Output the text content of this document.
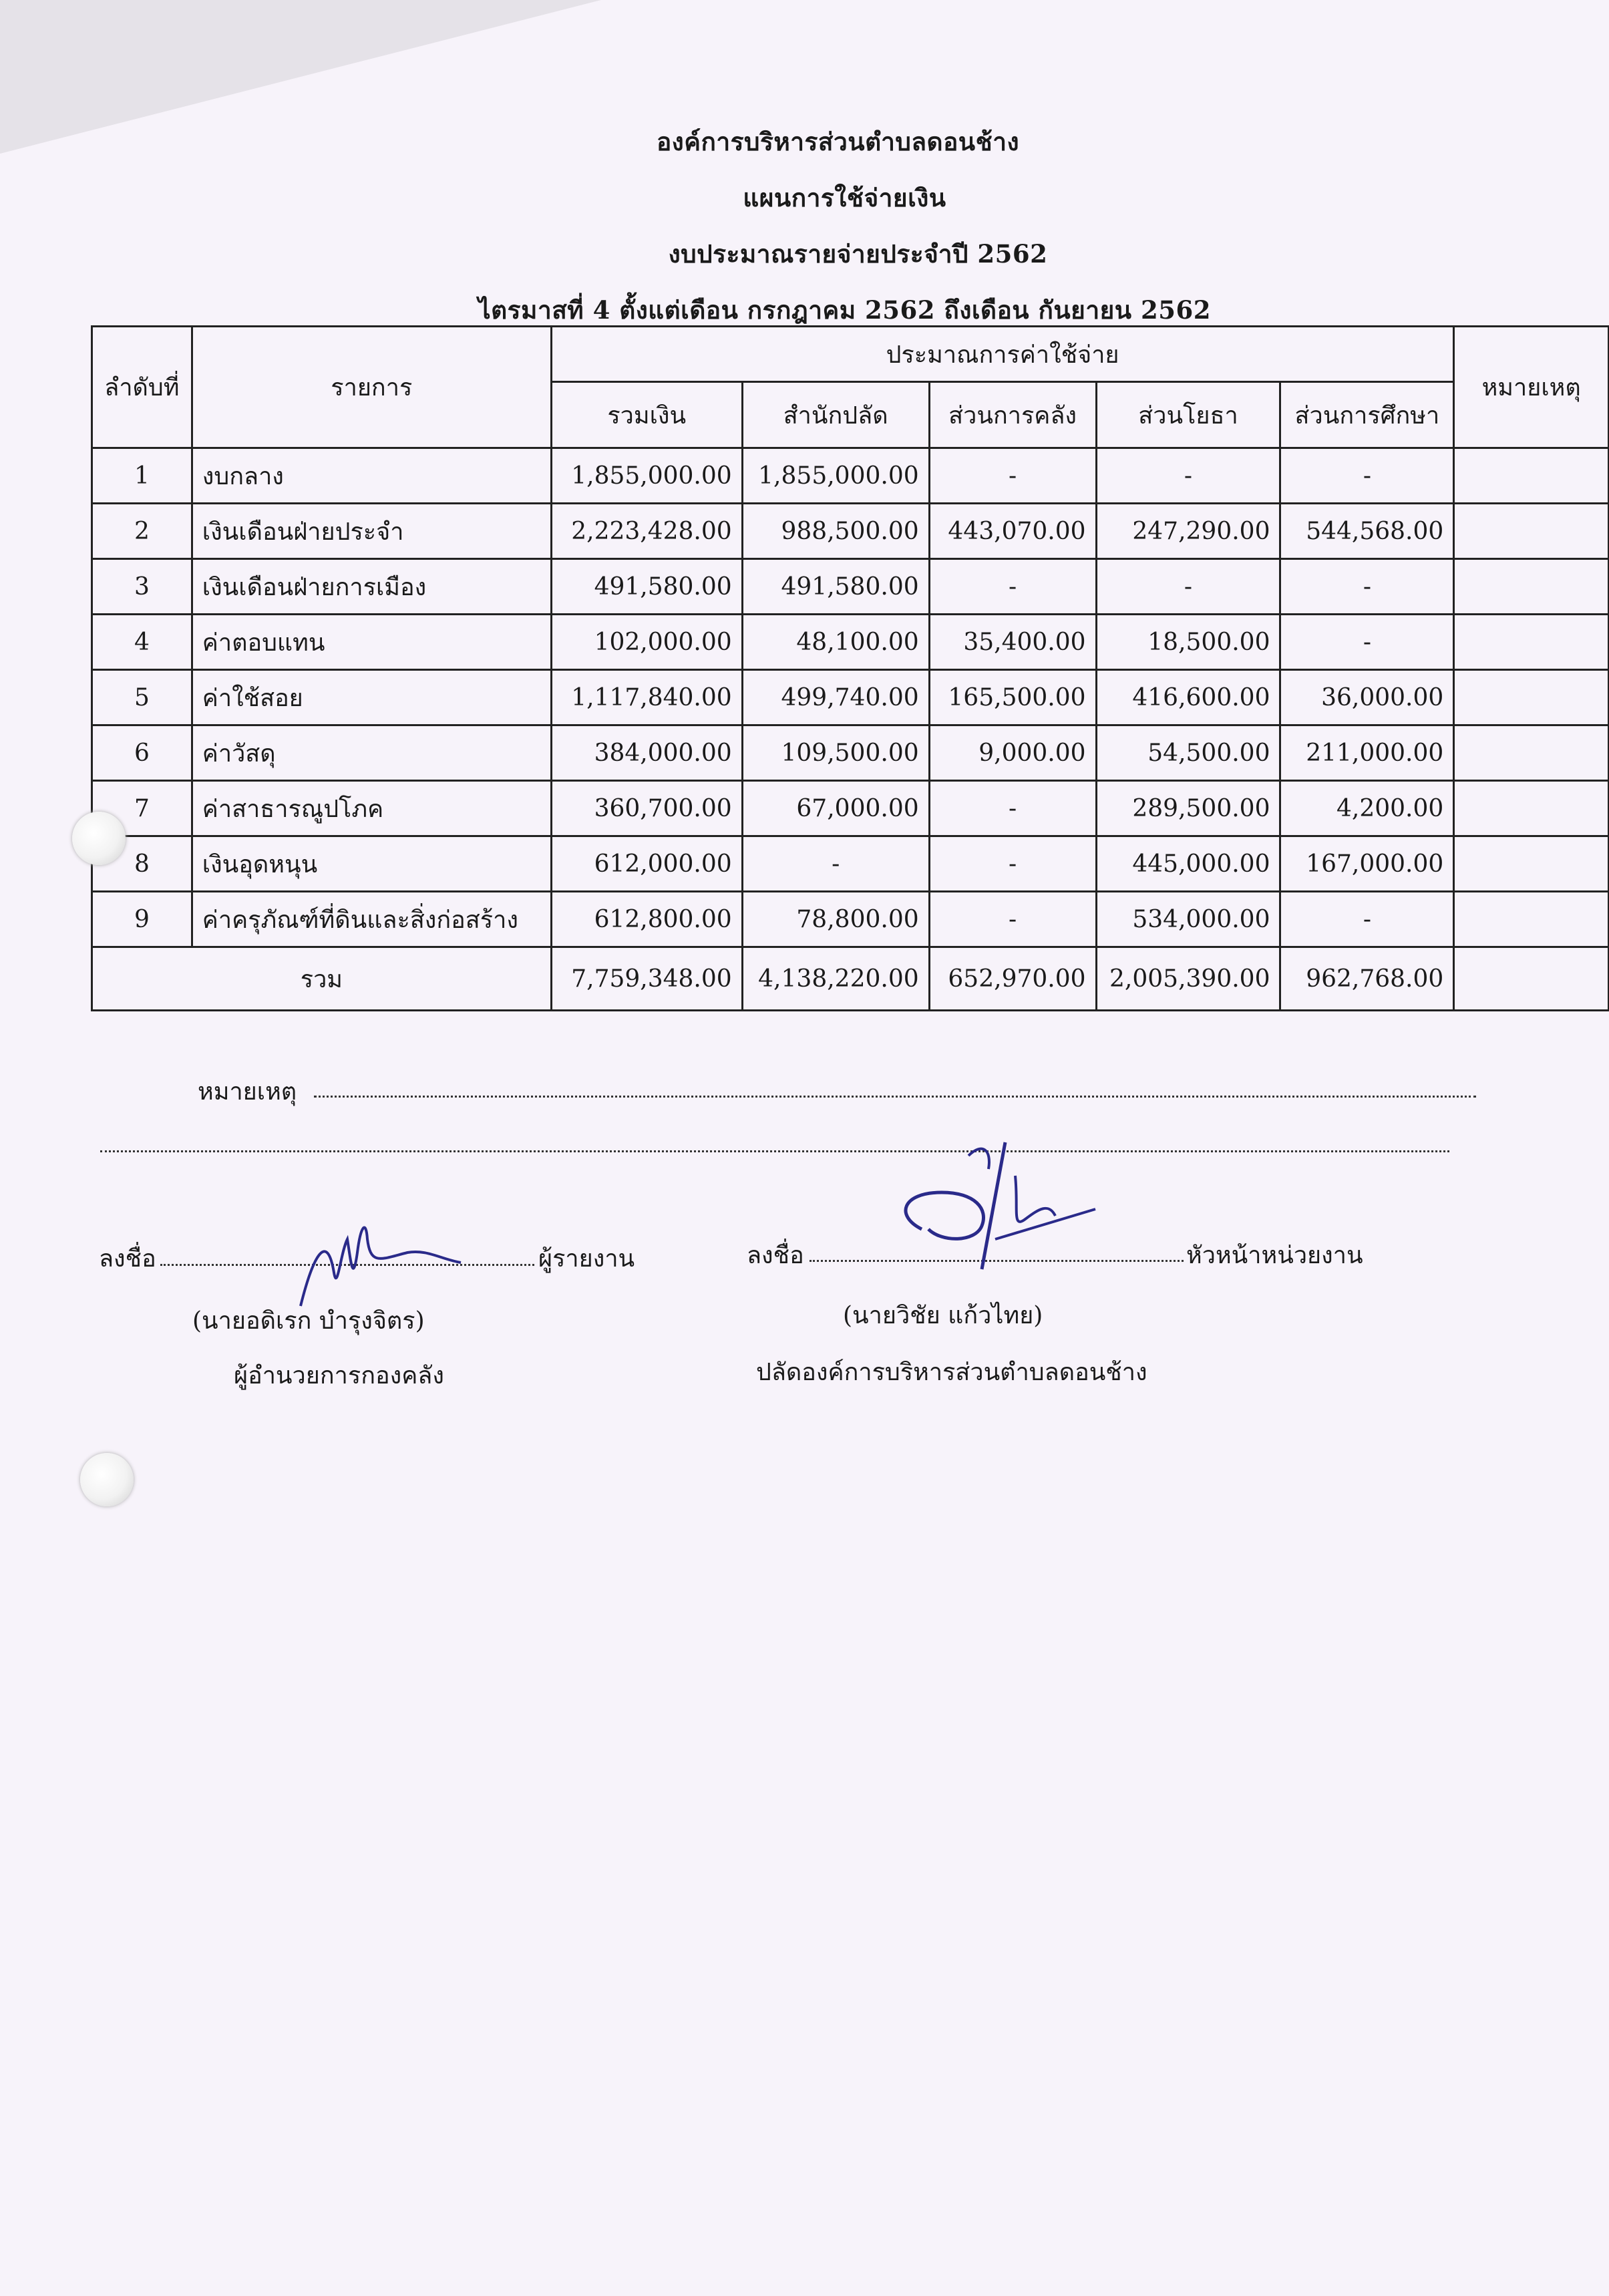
องค์การบริหารส่วนตำบลดอนช้าง
แผนการใช้จ่ายเงิน
งบประมาณรายจ่ายประจำปี 2562
ไตรมาสที่ 4 ตั้งแต่เดือน กรกฎาคม 2562 ถึงเดือน กันยายน 2562
ลำดับที่	รายการ	ประมาณการค่าใช้จ่าย					หมายเหตุ
		รวมเงิน	สำนักปลัด	ส่วนการคลัง	ส่วนโยธา	ส่วนการศึกษา	
1	งบกลาง	1,855,000.00	1,855,000.00	-	-	-	
2	เงินเดือนฝ่ายประจำ	2,223,428.00	988,500.00	443,070.00	247,290.00	544,568.00	
3	เงินเดือนฝ่ายการเมือง	491,580.00	491,580.00	-	-	-	
4	ค่าตอบแทน	102,000.00	48,100.00	35,400.00	18,500.00	-	
5	ค่าใช้สอย	1,117,840.00	499,740.00	165,500.00	416,600.00	36,000.00	
6	ค่าวัสดุ	384,000.00	109,500.00	9,000.00	54,500.00	211,000.00	
7	ค่าสาธารณูปโภค	360,700.00	67,000.00	-	289,500.00	4,200.00	
8	เงินอุดหนุน	612,000.00	-	-	445,000.00	167,000.00	
9	ค่าครุภัณฑ์ที่ดินและสิ่งก่อสร้าง	612,800.00	78,800.00	-	534,000.00	-	
รวม		7,759,348.00	4,138,220.00	652,970.00	2,005,390.00	962,768.00	
หมายเหตุ
ลงชื่อ	ผู้รายงาน
(นายอดิเรก บำรุงจิตร)
ผู้อำนวยการกองคลัง
ลงชื่อ	หัวหน้าหน่วยงาน
(นายวิชัย แก้วไทย)
ปลัดองค์การบริหารส่วนตำบลดอนช้าง
